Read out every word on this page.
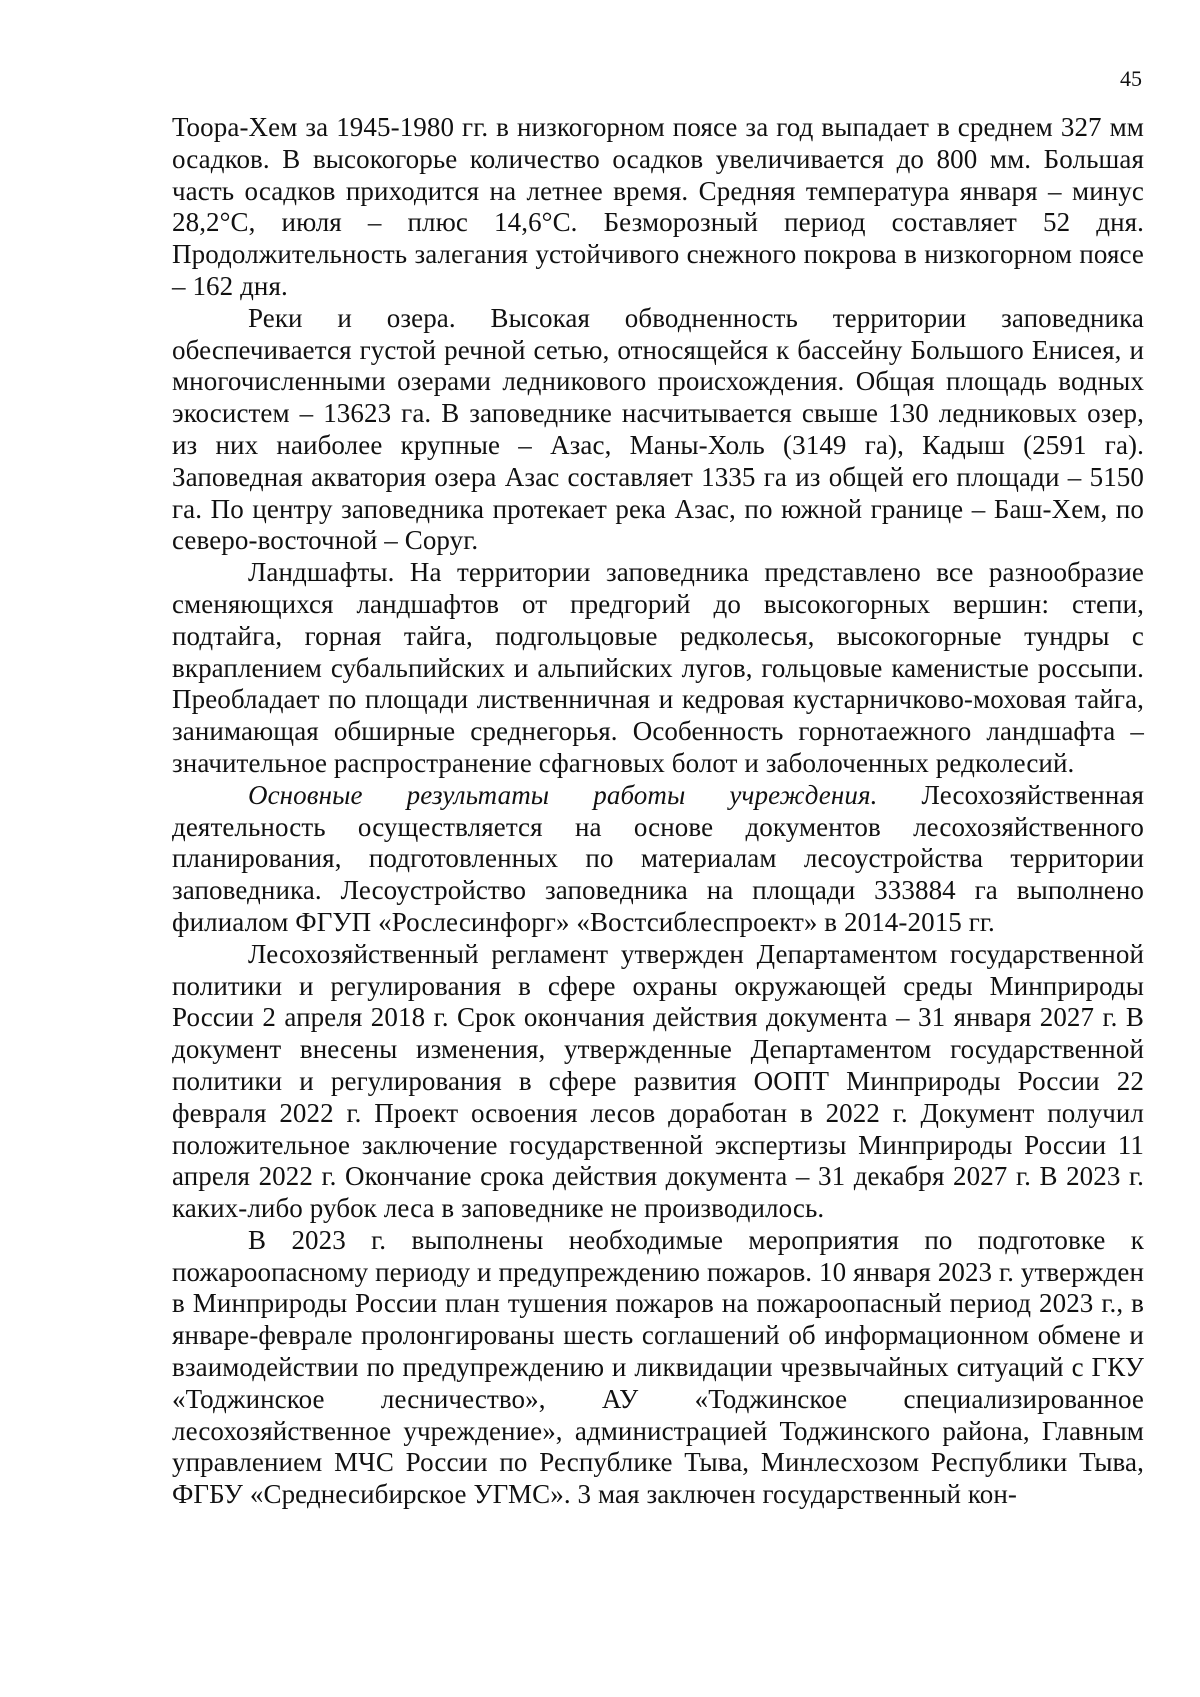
45

Тоора-Хем за 1945-1980 гг. в низкогорном поясе за год выпадает в среднем 327 мм осадков. В высокогорье количество осадков увеличивается до 800 мм. Большая часть осадков приходится на летнее время. Средняя температура января – минус 28,2°С, июля – плюс 14,6°С. Безморозный период составляет 52 дня. Продолжительность залегания устойчивого снежного покрова в низкогорном поясе – 162 дня.

Реки и озера. Высокая обводненность территории заповедника обеспечивается густой речной сетью, относящейся к бассейну Большого Енисея, и многочисленными озерами ледникового происхождения. Общая площадь водных экосистем – 13623 га. В заповеднике насчитывается свыше 130 ледниковых озер, из них наиболее крупные – Азас, Маны-Холь (3149 га), Кадыш (2591 га). Заповедная акватория озера Азас составляет 1335 га из общей его площади – 5150 га. По центру заповедника протекает река Азас, по южной границе – Баш-Хем, по северо-восточной – Соруг.

Ландшафты. На территории заповедника представлено все разнообразие сменяющихся ландшафтов от предгорий до высокогорных вершин: степи, подтайга, горная тайга, подгольцовые редколесья, высокогорные тундры с вкраплением субальпийских и альпийских лугов, гольцовые каменистые россыпи. Преобладает по площади лиственничная и кедровая кустарничково-моховая тайга, занимающая обширные среднегорья. Особенность горнотаежного ландшафта – значительное распространение сфагновых болот и заболоченных редколесий.

Основные результаты работы учреждения. Лесохозяйственная деятельность осуществляется на основе документов лесохозяйственного планирования, подготовленных по материалам лесоустройства территории заповедника. Лесоустройство заповедника на площади 333884 га выполнено филиалом ФГУП «Рослесинфорг» «Востсиблеспроект» в 2014-2015 гг.

Лесохозяйственный регламент утвержден Департаментом государственной политики и регулирования в сфере охраны окружающей среды Минприроды России 2 апреля 2018 г. Срок окончания действия документа – 31 января 2027 г. В документ внесены изменения, утвержденные Департаментом государственной политики и регулирования в сфере развития ООПТ Минприроды России 22 февраля 2022 г. Проект освоения лесов доработан в 2022 г. Документ получил положительное заключение государственной экспертизы Минприроды России 11 апреля 2022 г. Окончание срока действия документа – 31 декабря 2027 г. В 2023 г. каких-либо рубок леса в заповеднике не производилось.

В 2023 г. выполнены необходимые мероприятия по подготовке к пожароопасному периоду и предупреждению пожаров. 10 января 2023 г. утвержден в Минприроды России план тушения пожаров на пожароопасный период 2023 г., в январе-феврале пролонгированы шесть соглашений об информационном обмене и взаимодействии по предупреждению и ликвидации чрезвычайных ситуаций с ГКУ «Тоджинское лесничество», АУ «Тоджинское специализированное лесохозяйственное учреждение», администрацией Тоджинского района, Главным управлением МЧС России по Республике Тыва, Минлесхозом Республики Тыва, ФГБУ «Среднесибирское УГМС». 3 мая заключен государственный кон-
